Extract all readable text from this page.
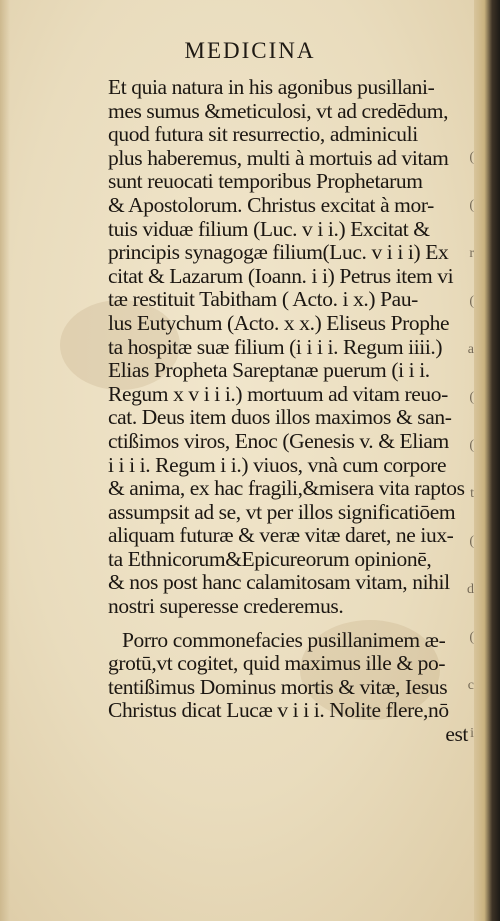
MEDICINA
Et quia natura in his agonibus pusillani-
mes sumus &meticulosi, vt ad credēdum,
quod futura sit resurrectio, adminiculi
plus haberemus, multi à mortuis ad vitam
sunt reuocati temporibus Prophetarum
& Apostolorum. Christus excitat à mor-
tuis viduæ filium (Luc. v i i.) Excitat &
principis synagogæ filium(Luc. v i i i) Ex
citat & Lazarum (Ioann. i i) Petrus item vi
tæ restituit Tabitham ( Acto. i x.) Pau-
lus Eutychum (Acto. x x.) Eliseus Prophe
ta hospitæ suæ filium (i i i i. Regum iiii.)
Elias Propheta Sareptanæ puerum (i i i.
Regum x v i i i.) mortuum ad vitam reuo-
cat. Deus item duos illos maximos & san-
ctißimos viros, Enoc (Genesis v. & Eliam
i i i i. Regum i i.) viuos, vnà cum corpore
& anima, ex hac fragili,&misera vita raptos
assumpsit ad se, vt per illos significatiōem
aliquam futuræ & veræ vitæ daret, ne iux-
ta Ethnicorum&Epicureorum opinionē,
& nos post hanc calamitosam vitam, nihil
nostri superesse crederemus.
Porro commonefacies pusillanimem æ-
grotū,vt cogitet, quid maximus ille & po-
tentißimus Dominus mortis & vitæ, Iesus
Christus dicat Lucæ v i i i. Nolite flere,nō
est
(
(
r
(
a
(
(
t
(
d
(
c
i
